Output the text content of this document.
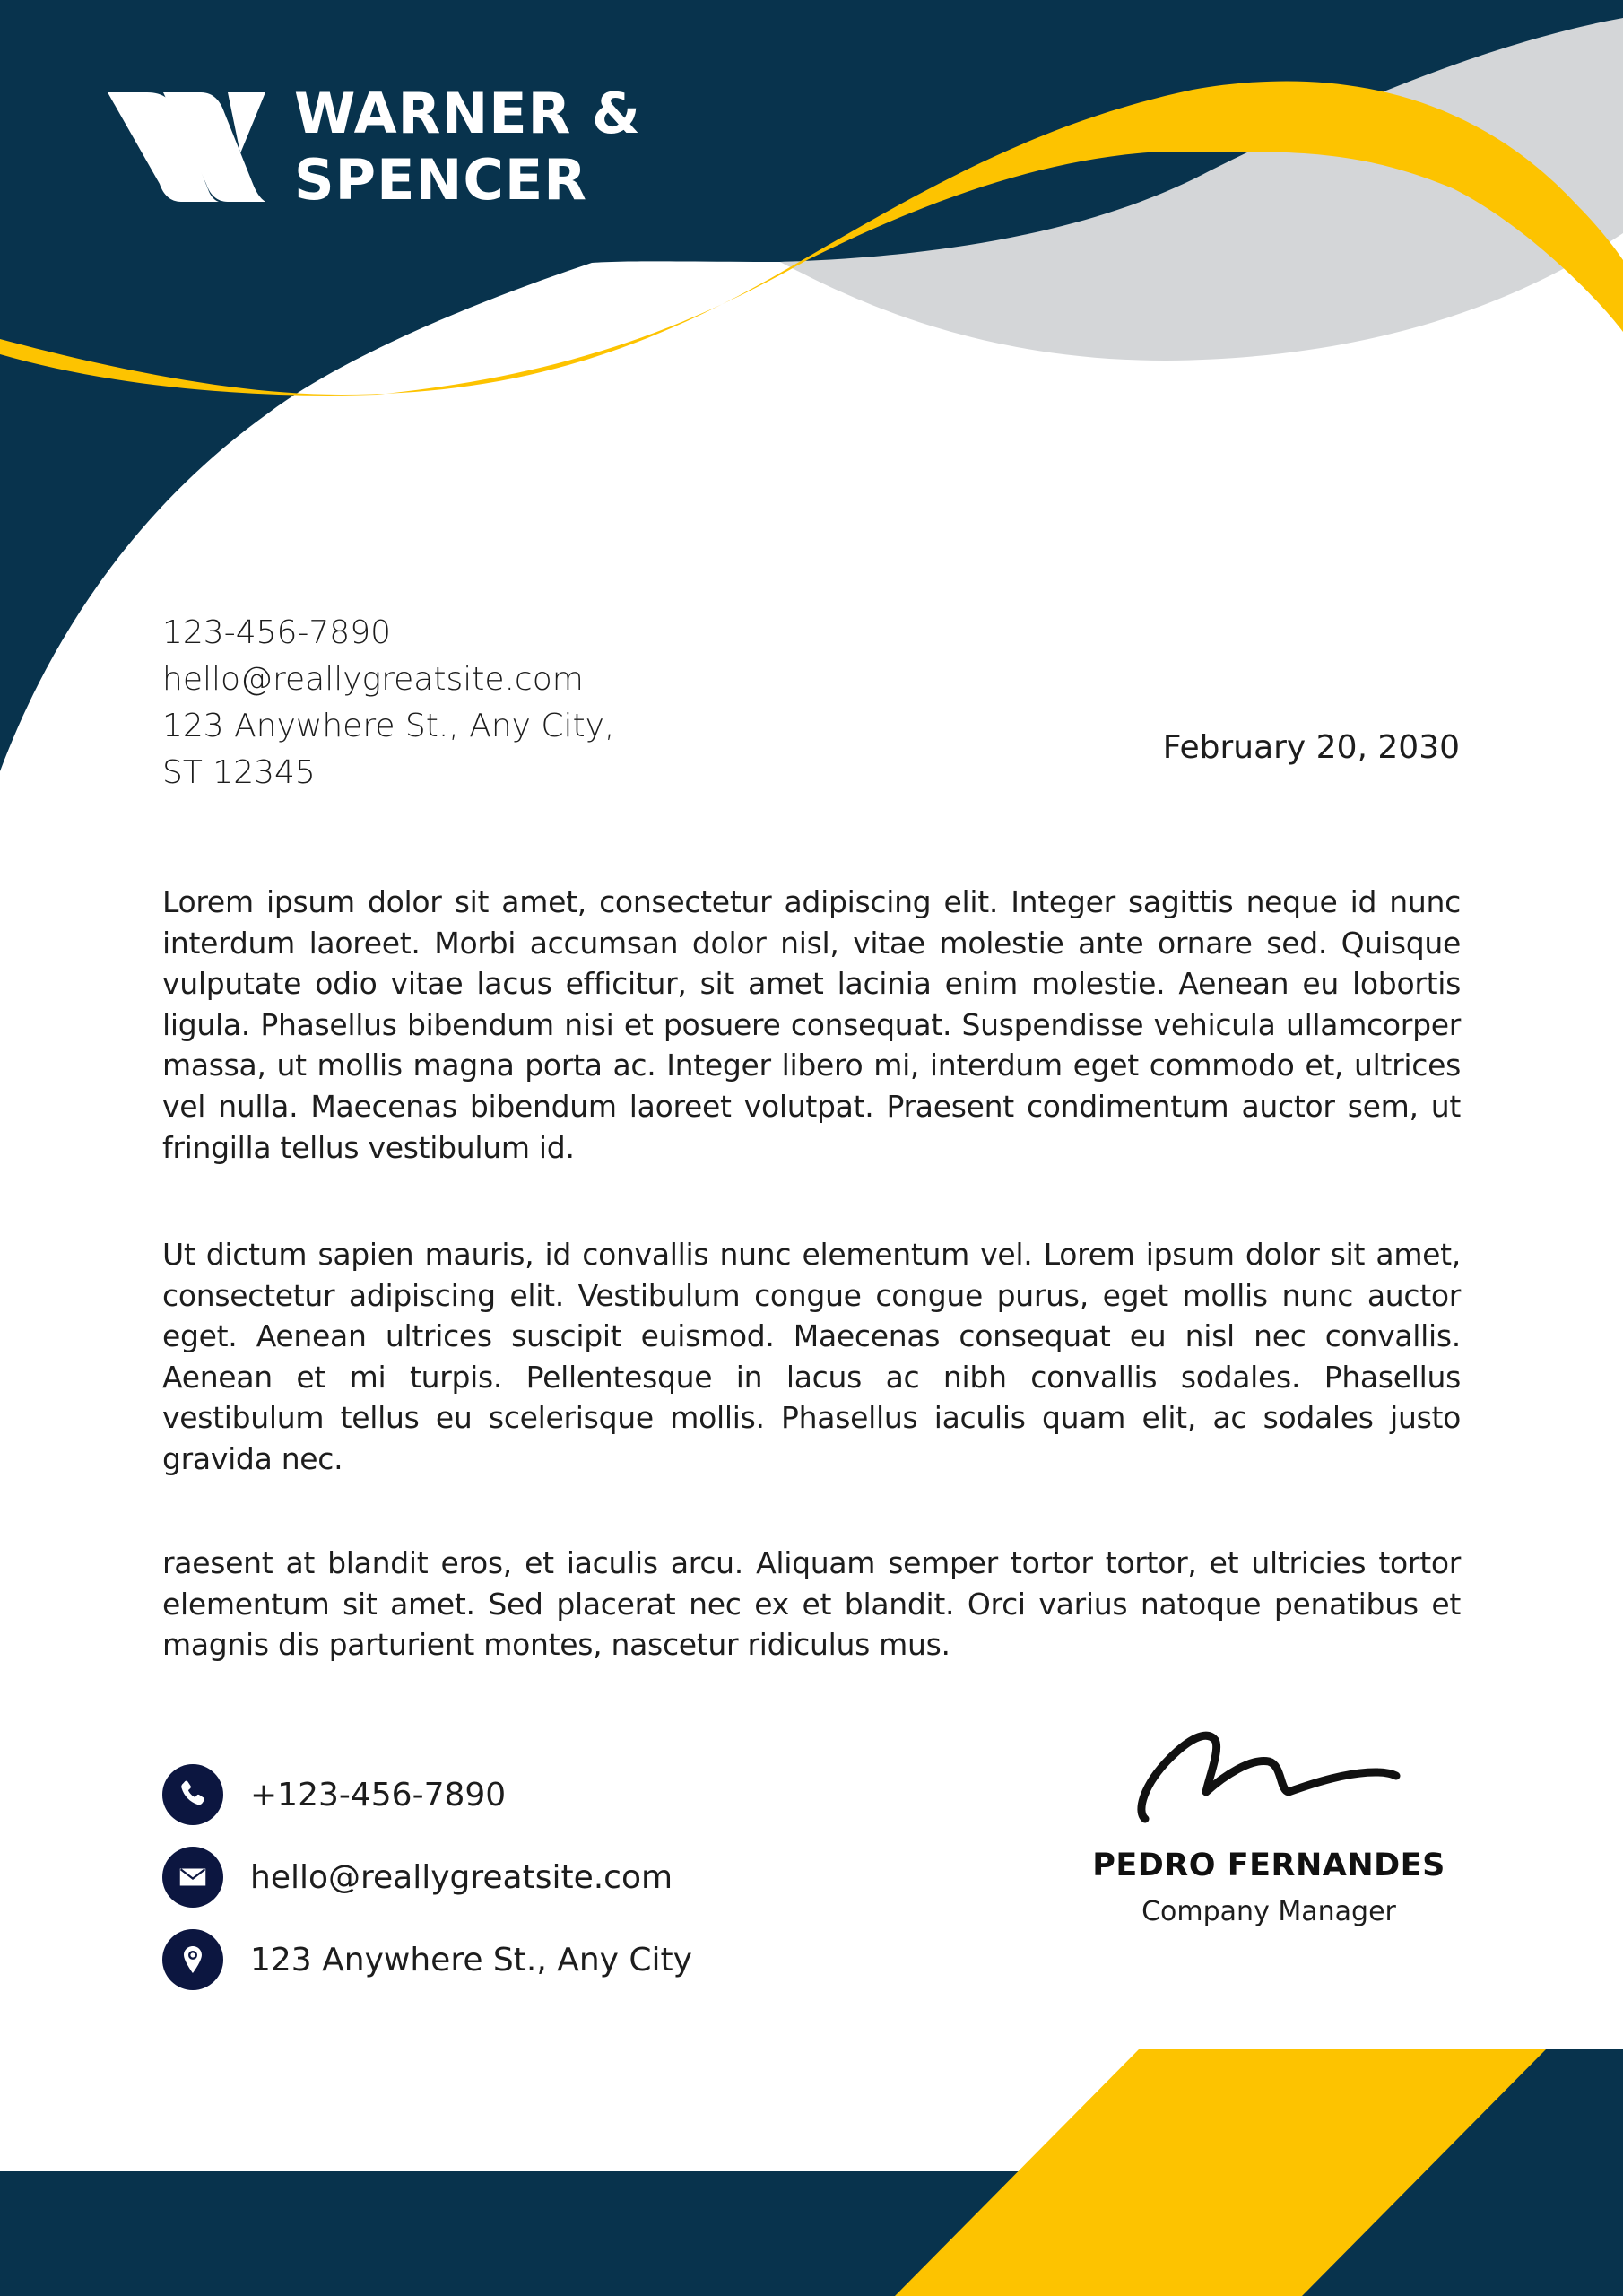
WARNER &
SPENCER
123-456-7890
hello@reallygreatsite.com
123 Anywhere St., Any City,
ST 12345
February 20, 2030

Lorem ipsum dolor sit amet, consectetur adipiscing elit. Integer sagittis neque id nunc interdum laoreet. Morbi accumsan dolor nisl, vitae molestie ante ornare sed. Quisque vulputate odio vitae lacus efficitur, sit amet lacinia enim molestie. Aenean eu lobortis ligula. Phasellus bibendum nisi et posuere consequat. Suspendisse vehicula ullamcorper massa, ut mollis magna porta ac. Integer libero mi, interdum eget commodo et, ultrices vel nulla. Maecenas bibendum laoreet volutpat. Praesent condimentum auctor sem, ut fringilla tellus vestibulum id.

Ut dictum sapien mauris, id convallis nunc elementum vel. Lorem ipsum dolor sit amet, consectetur adipiscing elit. Vestibulum congue congue purus, eget mollis nunc auctor eget. Aenean ultrices suscipit euismod. Maecenas consequat eu nisl nec convallis. Aenean et mi turpis. Pellentesque in lacus ac nibh convallis sodales. Phasellus vestibulum tellus eu scelerisque mollis. Phasellus iaculis quam elit, ac sodales justo gravida nec.

raesent at blandit eros, et iaculis arcu. Aliquam semper tortor tortor, et ultricies tortor elementum sit amet. Sed placerat nec ex et blandit. Orci varius natoque penatibus et magnis dis parturient montes, nascetur ridiculus mus.

+123-456-7890
hello@reallygreatsite.com
123 Anywhere St., Any City
PEDRO FERNANDES
Company Manager
